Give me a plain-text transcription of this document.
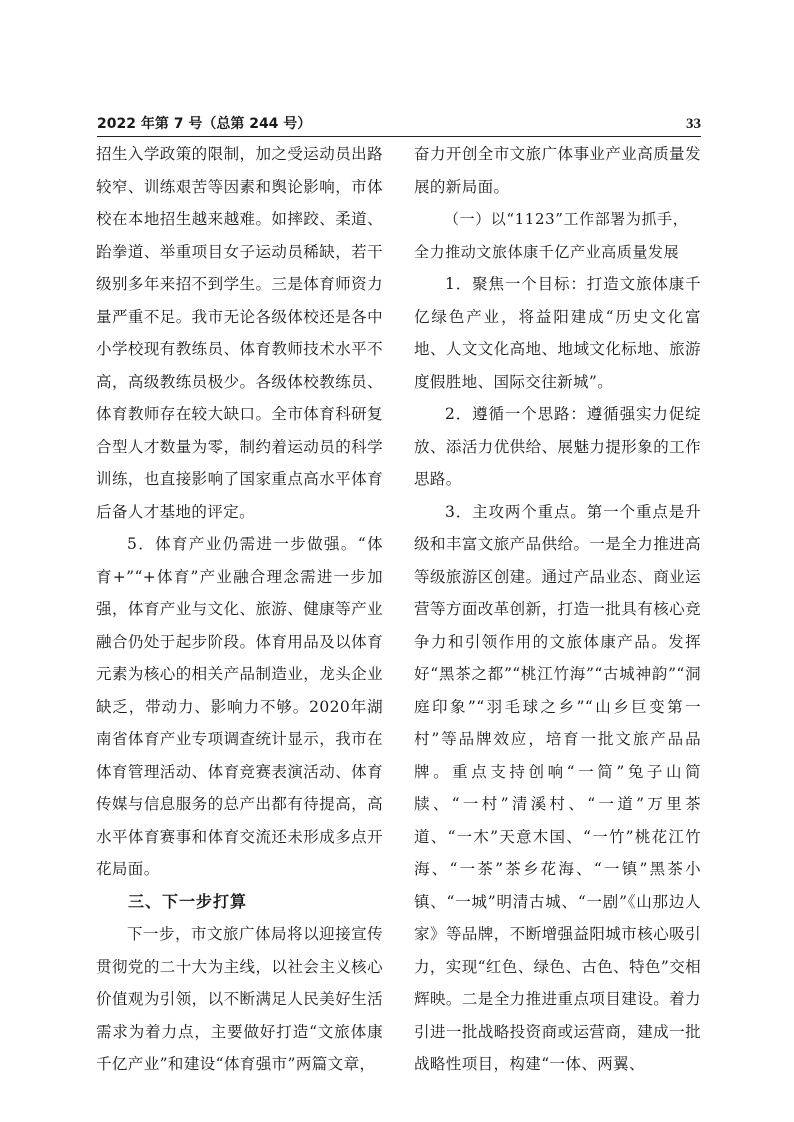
2022 年第 7 号（总第 244 号）	33

招生入学政策的限制，加之受运动员出路较窄、训练艰苦等因素和舆论影响，市体校在本地招生越来越难。如摔跤、柔道、跆拳道、举重项目女子运动员稀缺，若干级别多年来招不到学生。三是体育师资力量严重不足。我市无论各级体校还是各中小学校现有教练员、体育教师技术水平不高，高级教练员极少。各级体校教练员、体育教师存在较大缺口。全市体育科研复合型人才数量为零，制约着运动员的科学训练，也直接影响了国家重点高水平体育后备人才基地的评定。

5．体育产业仍需进一步做强。“体育+”“+体育”产业融合理念需进一步加强，体育产业与文化、旅游、健康等产业融合仍处于起步阶段。体育用品及以体育元素为核心的相关产品制造业，龙头企业缺乏，带动力、影响力不够。2020年湖南省体育产业专项调查统计显示，我市在体育管理活动、体育竞赛表演活动、体育传媒与信息服务的总产出都有待提高，高水平体育赛事和体育交流还未形成多点开花局面。

三、下一步打算

下一步，市文旅广体局将以迎接宣传贯彻党的二十大为主线，以社会主义核心价值观为引领，以不断满足人民美好生活需求为着力点，主要做好打造“文旅体康千亿产业”和建设“体育强市”两篇文章，

奋力开创全市文旅广体事业产业高质量发展的新局面。

（一）以“1123”工作部署为抓手，
全力推动文旅体康千亿产业高质量发展

1．聚焦一个目标：打造文旅体康千亿绿色产业，将益阳建成“历史文化富地、人文文化高地、地域文化标地、旅游度假胜地、国际交往新城”。

2．遵循一个思路：遵循强实力促绽放、添活力优供给、展魅力提形象的工作思路。

3．主攻两个重点。第一个重点是升级和丰富文旅产品供给。一是全力推进高等级旅游区创建。通过产品业态、商业运营等方面改革创新，打造一批具有核心竞争力和引领作用的文旅体康产品。发挥好“黑茶之都”“桃江竹海”“古城神韵”“洞庭印象”“羽毛球之乡”“山乡巨变第一村”等品牌效应，培育一批文旅产品品牌。重点支持创响“一简”兔子山简牍、“一村”清溪村、“一道”万里茶道、“一木”天意木国、“一竹”桃花江竹海、“一茶”茶乡花海、“一镇”黑茶小镇、“一城”明清古城、“一剧”《山那边人家》等品牌，不断增强益阳城市核心吸引力，实现“红色、绿色、古色、特色”交相辉映。二是全力推进重点项目建设。着力引进一批战略投资商或运营商，建成一批战略性项目，构建“一体、两翼、
